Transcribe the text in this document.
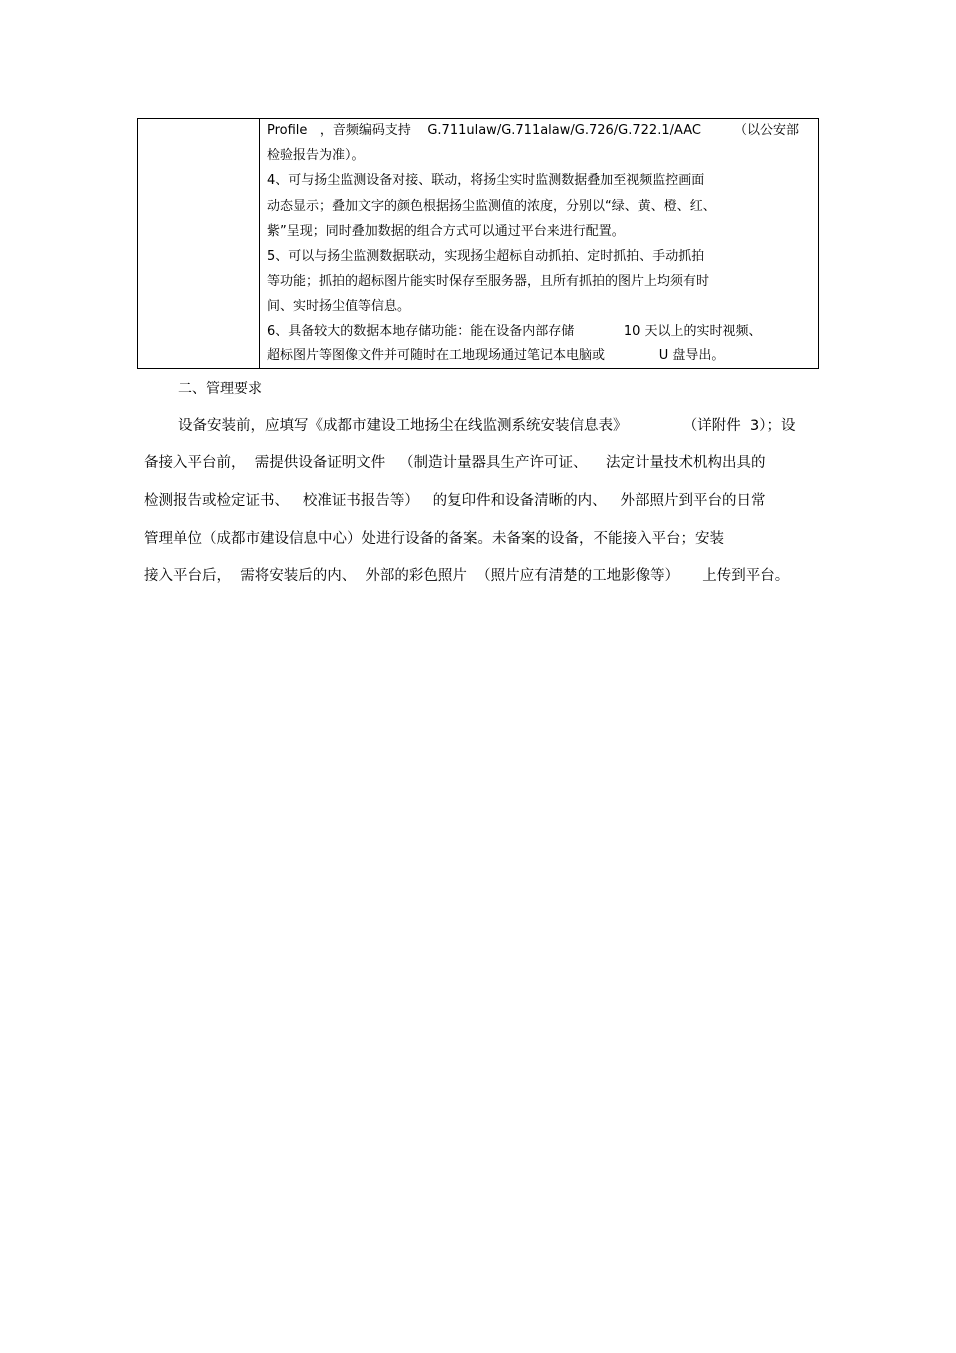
Profile   ，音频编码支持    G.711ulaw/G.711alaw/G.726/G.722.1/AAC        （以公安部
检验报告为准）。
4、可与扬尘监测设备对接、联动，将扬尘实时监测数据叠加至视频监控画面
动态显示；叠加文字的颜色根据扬尘监测值的浓度，分别以“绿、黄、橙、红、
紫”呈现；同时叠加数据的组合方式可以通过平台来进行配置。
5、可以与扬尘监测数据联动，实现扬尘超标自动抓拍、定时抓拍、手动抓拍
等功能；抓拍的超标图片能实时保存至服务器，且所有抓拍的图片上均须有时
间、实时扬尘值等信息。
6、具备较大的数据本地存储功能：能在设备内部存储            10 天以上的实时视频、
超标图片等图像文件并可随时在工地现场通过笔记本电脑或             U 盘导出。
二、管理要求
设备安装前，应填写《成都市建设工地扬尘在线监测系统安装信息表》            （详附件  3）；设
备接入平台前，  需提供设备证明文件   （制造计量器具生产许可证、    法定计量技术机构出具的
检测报告或检定证书、   校准证书报告等）   的复印件和设备清晰的内、   外部照片到平台的日常
管理单位（成都市建设信息中心）处进行设备的备案。未备案的设备，不能接入平台；安装
接入平台后，  需将安装后的内、  外部的彩色照片  （照片应有清楚的工地影像等）     上传到平台。
